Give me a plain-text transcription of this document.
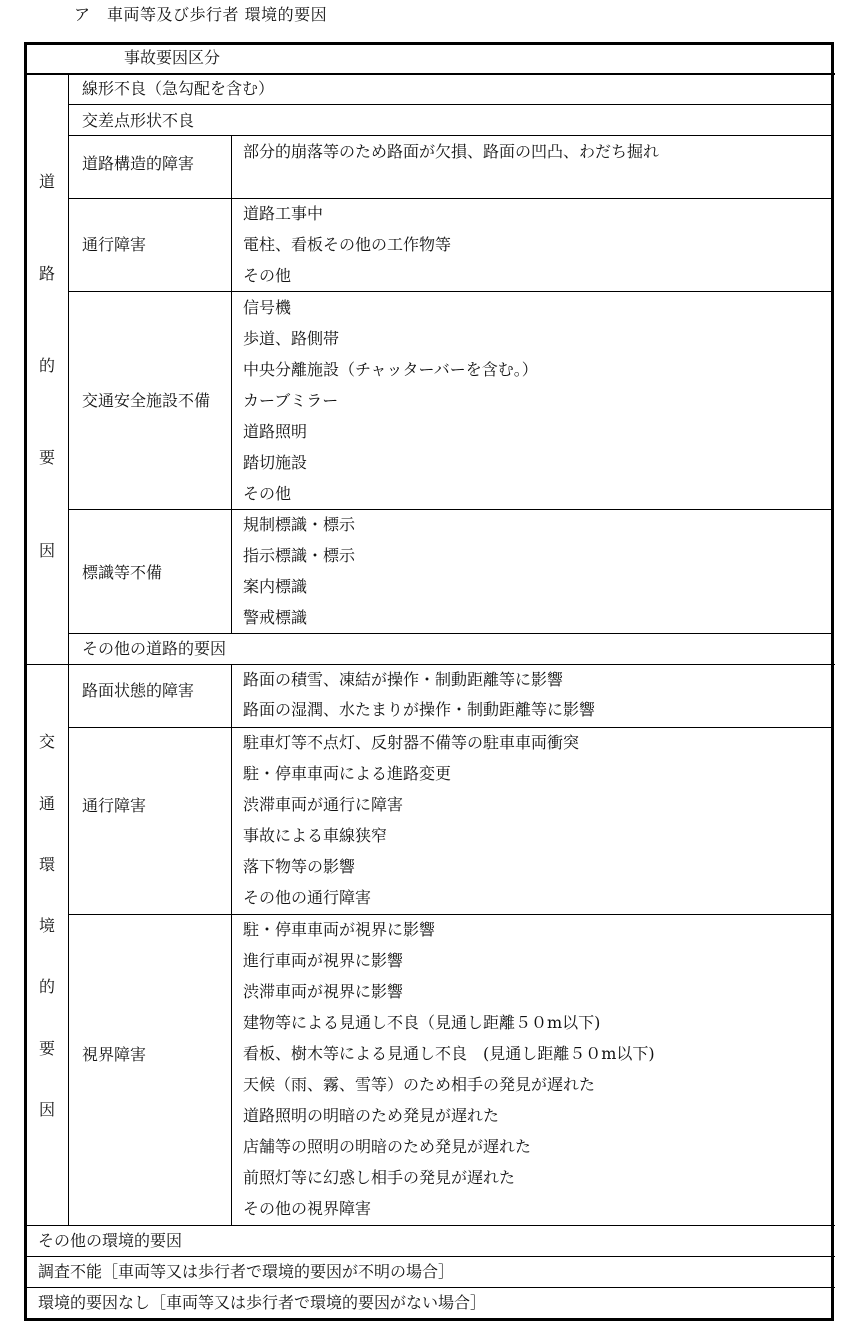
ア　車両等及び歩行者 環境的要因
事故要因区分
道
路
的
要
因
線形不良（急勾配を含む）
交差点形状不良
道路構造的障害
部分的崩落等のため路面が欠損、路面の凹凸、わだち掘れ
通行障害
道路工事中
電柱、看板その他の工作物等
その他
交通安全施設不備
信号機
歩道、路側帯
中央分離施設（チャッターバーを含む。）
カーブミラー
道路照明
踏切施設
その他
標識等不備
規制標識・標示
指示標識・標示
案内標識
警戒標識
その他の道路的要因
交
通
環
境
的
要
因
路面状態的障害
路面の積雪、凍結が操作・制動距離等に影響
路面の湿潤、水たまりが操作・制動距離等に影響
通行障害
駐車灯等不点灯、反射器不備等の駐車車両衝突
駐・停車車両による進路変更
渋滞車両が通行に障害
事故による車線狭窄
落下物等の影響
その他の通行障害
視界障害
駐・停車車両が視界に影響
進行車両が視界に影響
渋滞車両が視界に影響
建物等による見通し不良（見通し距離５０m以下)
看板、樹木等による見通し不良　(見通し距離５０m以下)
天候（雨、霧、雪等）のため相手の発見が遅れた
道路照明の明暗のため発見が遅れた
店舗等の照明の明暗のため発見が遅れた
前照灯等に幻惑し相手の発見が遅れた
その他の視界障害
その他の環境的要因
調査不能［車両等又は歩行者で環境的要因が不明の場合］
環境的要因なし［車両等又は歩行者で環境的要因がない場合］
